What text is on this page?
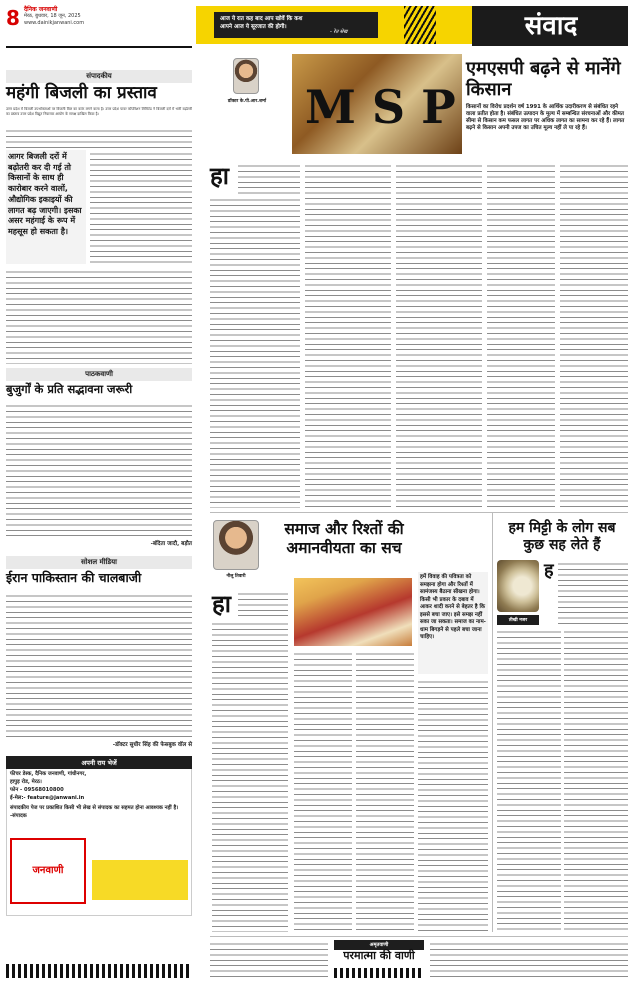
8 दैनिक जनवाणी
मेरठ, बुधवार, 18 जून, 2025
www.dainikjanwani.com
आज ये रात कह बाद आप खोवें कि कश
आपने आज ये सूरजात की होगी।
- रेत सेख	संवाद
संपादकीय
महंगी बिजली का प्रस्ताव
उत्तर प्रदेश में बिजली उपभोक्ताओं पर बिजली बिल का करंट लगने वाला है। उत्तर प्रदेश पावर कॉर्पोरेशन लिमिटेड ने बिजली दरों में भारी बढ़ोतरी का प्रस्ताव उत्तर प्रदेश विद्युत नियामक आयोग के समक्ष दाखिल किया है।
आगर बिजली दरों में बढ़ोतरी कर दी गई तो किसानों के साथ ही कारोबार करने वालों, औद्योगिक इकाइयों की लागत बढ़ जाएगी। इसका असर महंगाई के रूप में महसूस हो सकता है।
पाठकवाणी
बुजुर्गों के प्रति सद्भावना जरूरी
-बंदिता जादौ, बड़ौत
सोशल मीडिया
ईरान पाकिस्तान की चालबाजी
-डॉक्टर सुधीर सिंह की फेसबुक वॉल से
अपनी राय भेजें
फीचर डेस्क, दैनिक जनवाणी, गांधीनगर,
हापुड़ रोड, मेरठ।
फोन - 09568010800
ई-मेल:- feature@janwani.in
संपादकीय पेज पर प्रकाशित किसी भी लेख से संपादक का सहमत होना आवश्यक नहीं है। -संपादक
जनवाणी
डॉक्टर के.पी.आर.शर्मा M S P
एमएसपी बढ़ने से मानेंगे किसान
किसानों का विरोध प्रदर्शन वर्ष 1991 के आर्थिक उदारीकरण से संबंधित रहने वाला प्रतीत होता है। संबंधित उत्पादन के मूल्य में सम्बन्धित संरचनाओं और कीमत सीमा से किसान कम फसल लागत पर अधिक लागत का सामना कर रहे हैं। लागत बढ़ने से किसान अपनी उपज का उचित मूल्य नहीं ले पा रहे हैं।
हा
नीलू तिवारी
समाज और रिश्तों की अमानवीयता का सच
हा
हमें विवाह की पवित्रता को समझना होगा और रिश्तों में सामंजस्य बैठाना सीखना होगा। किसी भी प्रकार के दबाव में आकर शादी करने से बेहतर है कि इससे बचा जाए। इसे समझ नहीं सका जा सकता। समाज का नाम-धाम बिगड़ने से पहले बचा जाना चाहिए।
हम मिट्टी के लोग सब कुछ सह लेते हैं
तीखी नजर
ह
अमृतवाणी
परमात्मा की वाणी
